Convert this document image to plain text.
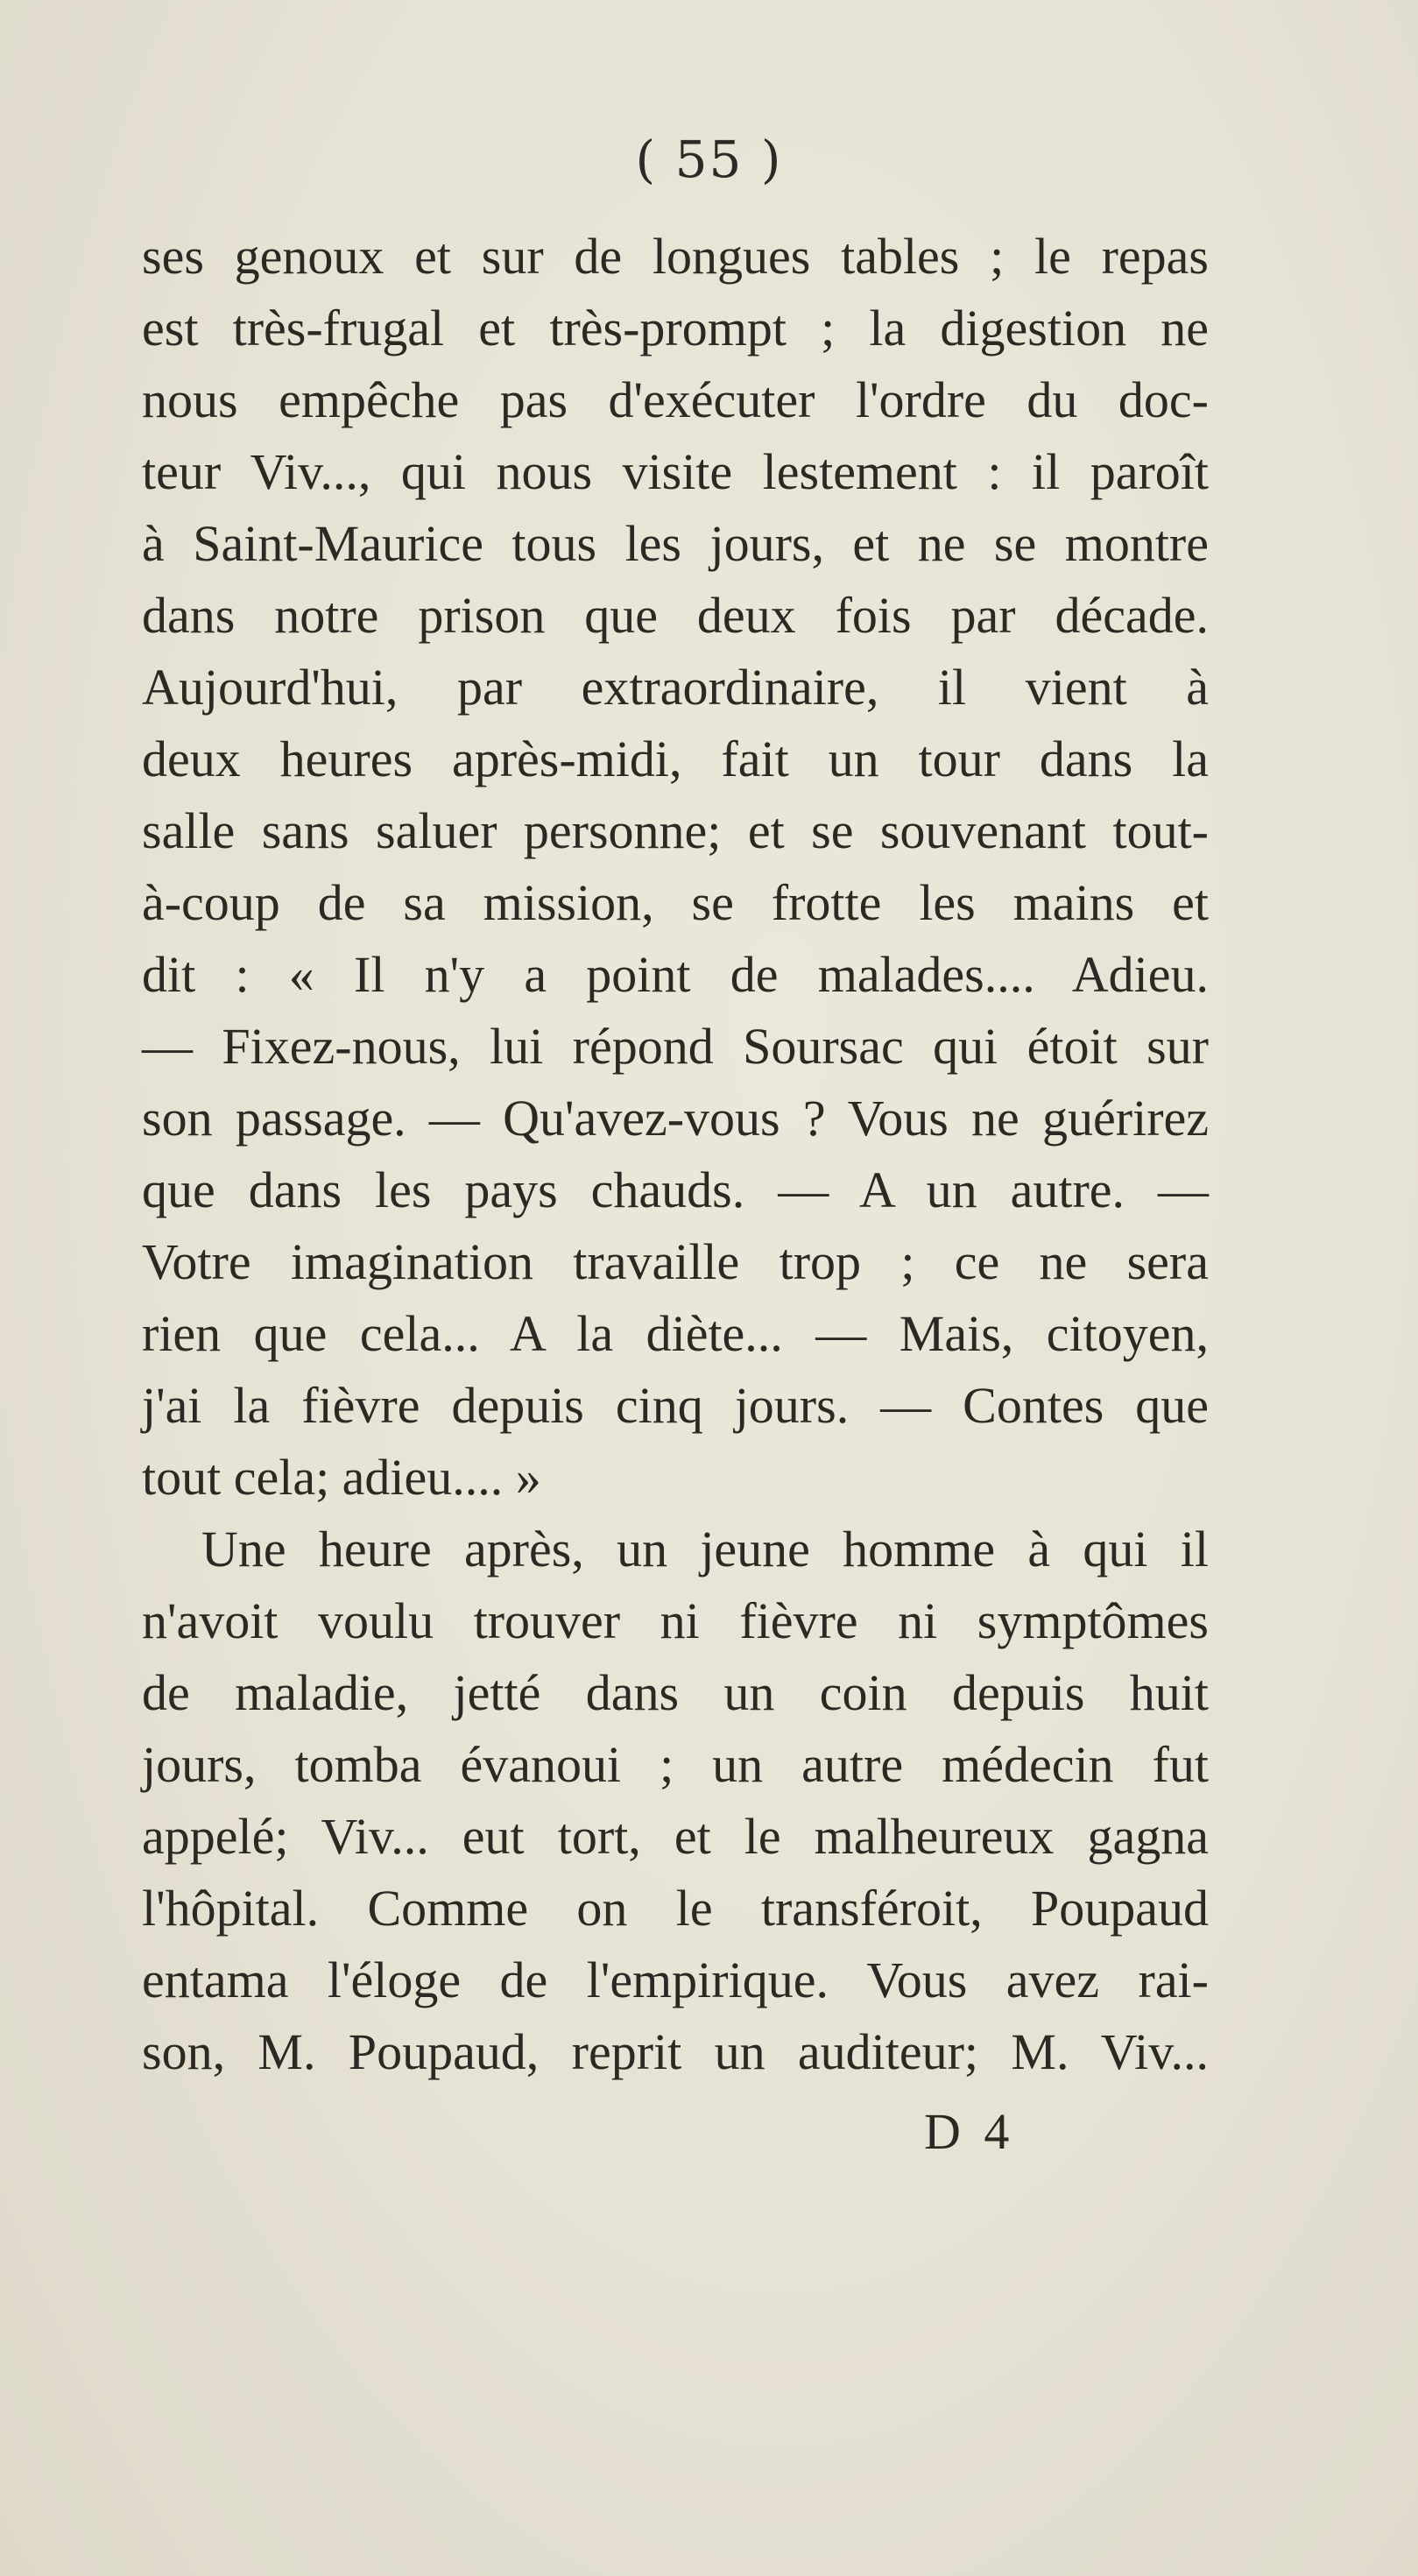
( 55 )
ses genoux et sur de longues tables ; le repas
est très-frugal et très-prompt ; la digestion ne
nous empêche pas d'exécuter l'ordre du doc-
teur Viv..., qui nous visite lestement : il paroît
à Saint-Maurice tous les jours, et ne se montre
dans notre prison que deux fois par décade.
Aujourd'hui, par extraordinaire, il vient à
deux heures après-midi, fait un tour dans la
salle sans saluer personne; et se souvenant tout-
à-coup de sa mission, se frotte les mains et
dit : « Il n'y a point de malades.... Adieu.
— Fixez-nous, lui répond Soursac qui étoit sur
son passage. — Qu'avez-vous ? Vous ne guérirez
que dans les pays chauds. — A un autre. —
Votre imagination travaille trop ; ce ne sera
rien que cela... A la diète... — Mais, citoyen,
j'ai la fièvre depuis cinq jours. — Contes que
tout cela; adieu.... »
Une heure après, un jeune homme à qui il
n'avoit voulu trouver ni fièvre ni symptômes
de maladie, jetté dans un coin depuis huit
jours, tomba évanoui ; un autre médecin fut
appelé; Viv... eut tort, et le malheureux gagna
l'hôpital. Comme on le transféroit, Poupaud
entama l'éloge de l'empirique. Vous avez rai-
son, M. Poupaud, reprit un auditeur; M. Viv...
D 4
